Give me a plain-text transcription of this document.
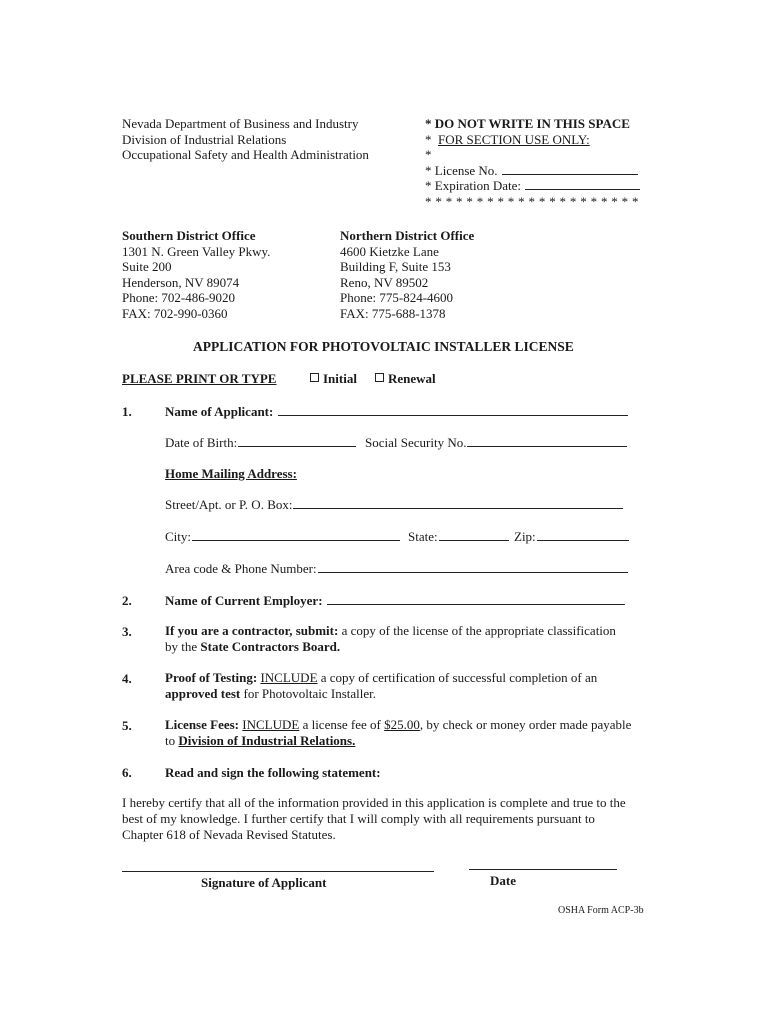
Nevada Department of Business and Industry
Division of Industrial Relations
Occupational Safety and Health Administration
* DO NOT WRITE IN THIS SPACE
* FOR SECTION USE ONLY:
*
* License No.
* Expiration Date:
* * * * * * * * * * * * * * * * * * * * *
Southern District Office
1301 N. Green Valley Pkwy.
Suite 200
Henderson, NV 89074
Phone: 702-486-9020
FAX: 702-990-0360
Northern District Office
4600 Kietzke Lane
Building F, Suite 153
Reno, NV 89502
Phone: 775-824-4600
FAX: 775-688-1378
APPLICATION FOR PHOTOVOLTAIC INSTALLER LICENSE
PLEASE PRINT OR TYPE	Initial	Renewal
1.	Name of Applicant:
Date of Birth:	Social Security No.
Home Mailing Address:
Street/Apt. or P. O. Box:
City:	State:	Zip:
Area code & Phone Number:
2.	Name of Current Employer:
3.	If you are a contractor, submit: a copy of the license of the appropriate classification
by the State Contractors Board.
4.	Proof of Testing: INCLUDE a copy of certification of successful completion of an
approved test for Photovoltaic Installer.
5.	License Fees: INCLUDE a license fee of $25.00, by check or money order made payable
to Division of Industrial Relations.
6.	Read and sign the following statement:
I hereby certify that all of the information provided in this application is complete and true to the
best of my knowledge. I further certify that I will comply with all requirements pursuant to
Chapter 618 of Nevada Revised Statutes.
Signature of Applicant	Date
OSHA Form ACP-3b
